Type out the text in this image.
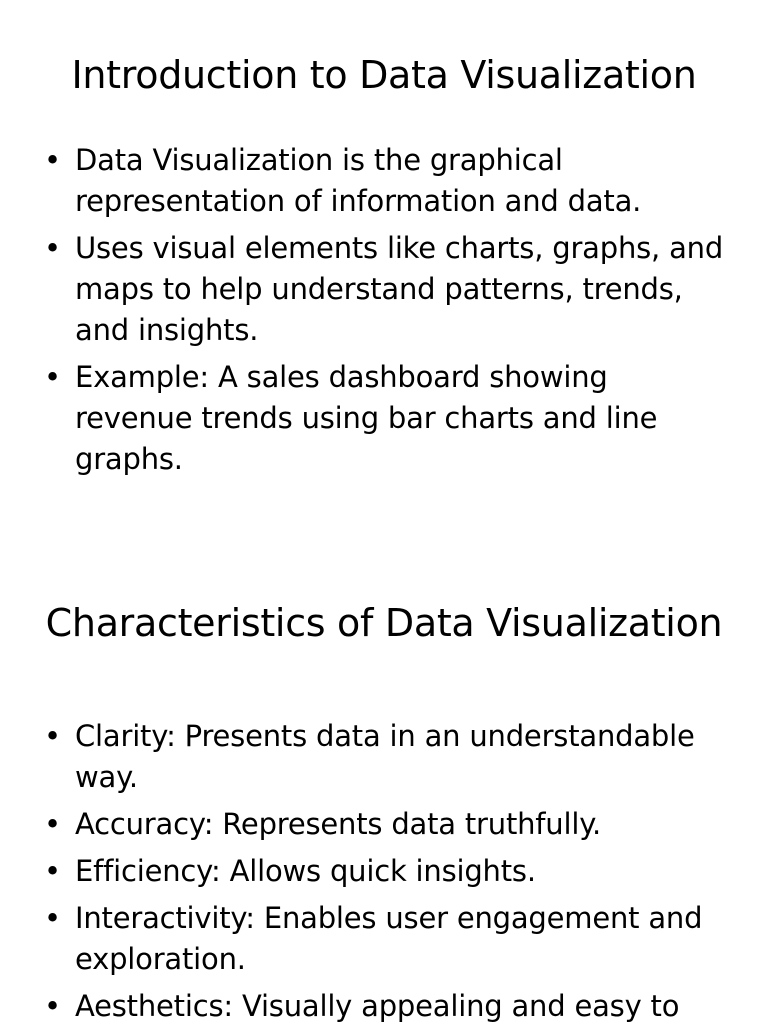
Introduction to Data Visualization
• Data Visualization is the graphical representation of information and data.
• Uses visual elements like charts, graphs, and maps to help understand patterns, trends, and insights.
• Example: A sales dashboard showing revenue trends using bar charts and line graphs.
Characteristics of Data Visualization
• Clarity: Presents data in an understandable way.
• Accuracy: Represents data truthfully.
• Efficiency: Allows quick insights.
• Interactivity: Enables user engagement and exploration.
• Aesthetics: Visually appealing and easy to
